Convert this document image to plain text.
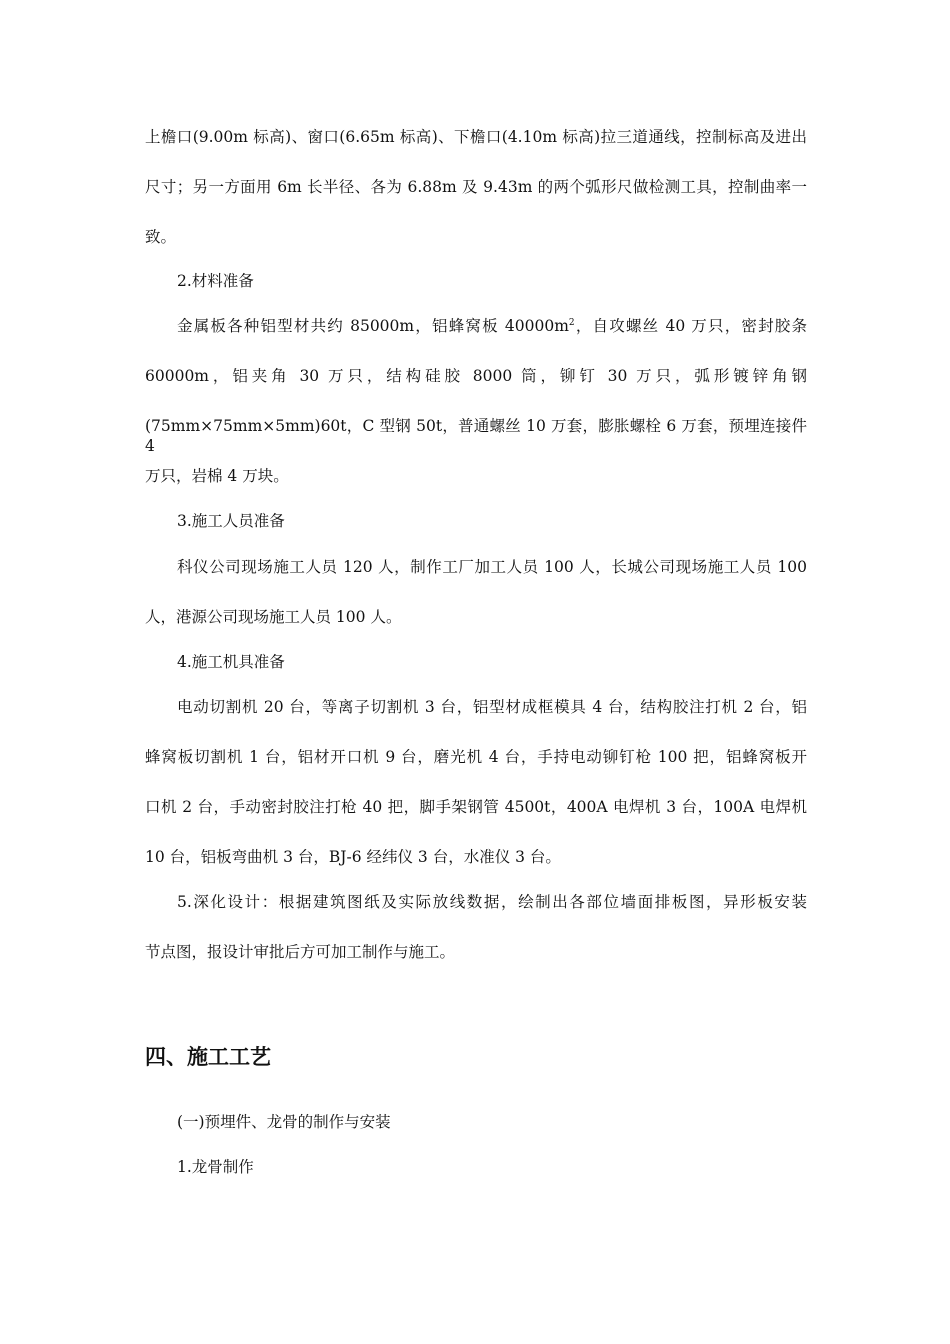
上檐口(9.00m 标高)、窗口(6.65m 标高)、下檐口(4.10m 标高)拉三道通线，控制标高及进出
尺寸；另一方面用 6m 长半径、各为 6.88m 及 9.43m 的两个弧形尺做检测工具，控制曲率一
致。
2.材料准备
金属板各种铝型材共约 85000m，铝蜂窝板 $40000m^2$，自攻螺丝 40 万只，密封胶条
60000m，铝夹角 30 万只，结构硅胶 8000 筒，铆钉 30 万只，弧形镀锌角钢
(75mm×75mm×5mm)60t，C 型钢 50t，普通螺丝 10 万套，膨胀螺栓 6 万套，预埋连接件 4
万只，岩棉 4 万块。
3.施工人员准备
科仪公司现场施工人员 120 人，制作工厂加工人员 100 人，长城公司现场施工人员 100
人，港源公司现场施工人员 100 人。
4.施工机具准备
电动切割机 20 台，等离子切割机 3 台，铝型材成框模具 4 台，结构胶注打机 2 台，铝
蜂窝板切割机 1 台，铝材开口机 9 台，磨光机 4 台，手持电动铆钉枪 100 把，铝蜂窝板开
口机 2 台，手动密封胶注打枪 40 把，脚手架钢管 4500t，400A 电焊机 3 台，100A 电焊机
10 台，铝板弯曲机 3 台，BJ-6 经纬仪 3 台，水准仪 3 台。
5.深化设计：根据建筑图纸及实际放线数据，绘制出各部位墙面排板图，异形板安装
节点图，报设计审批后方可加工制作与施工。
四、施工工艺
(一)预埋件、龙骨的制作与安装
1.龙骨制作
